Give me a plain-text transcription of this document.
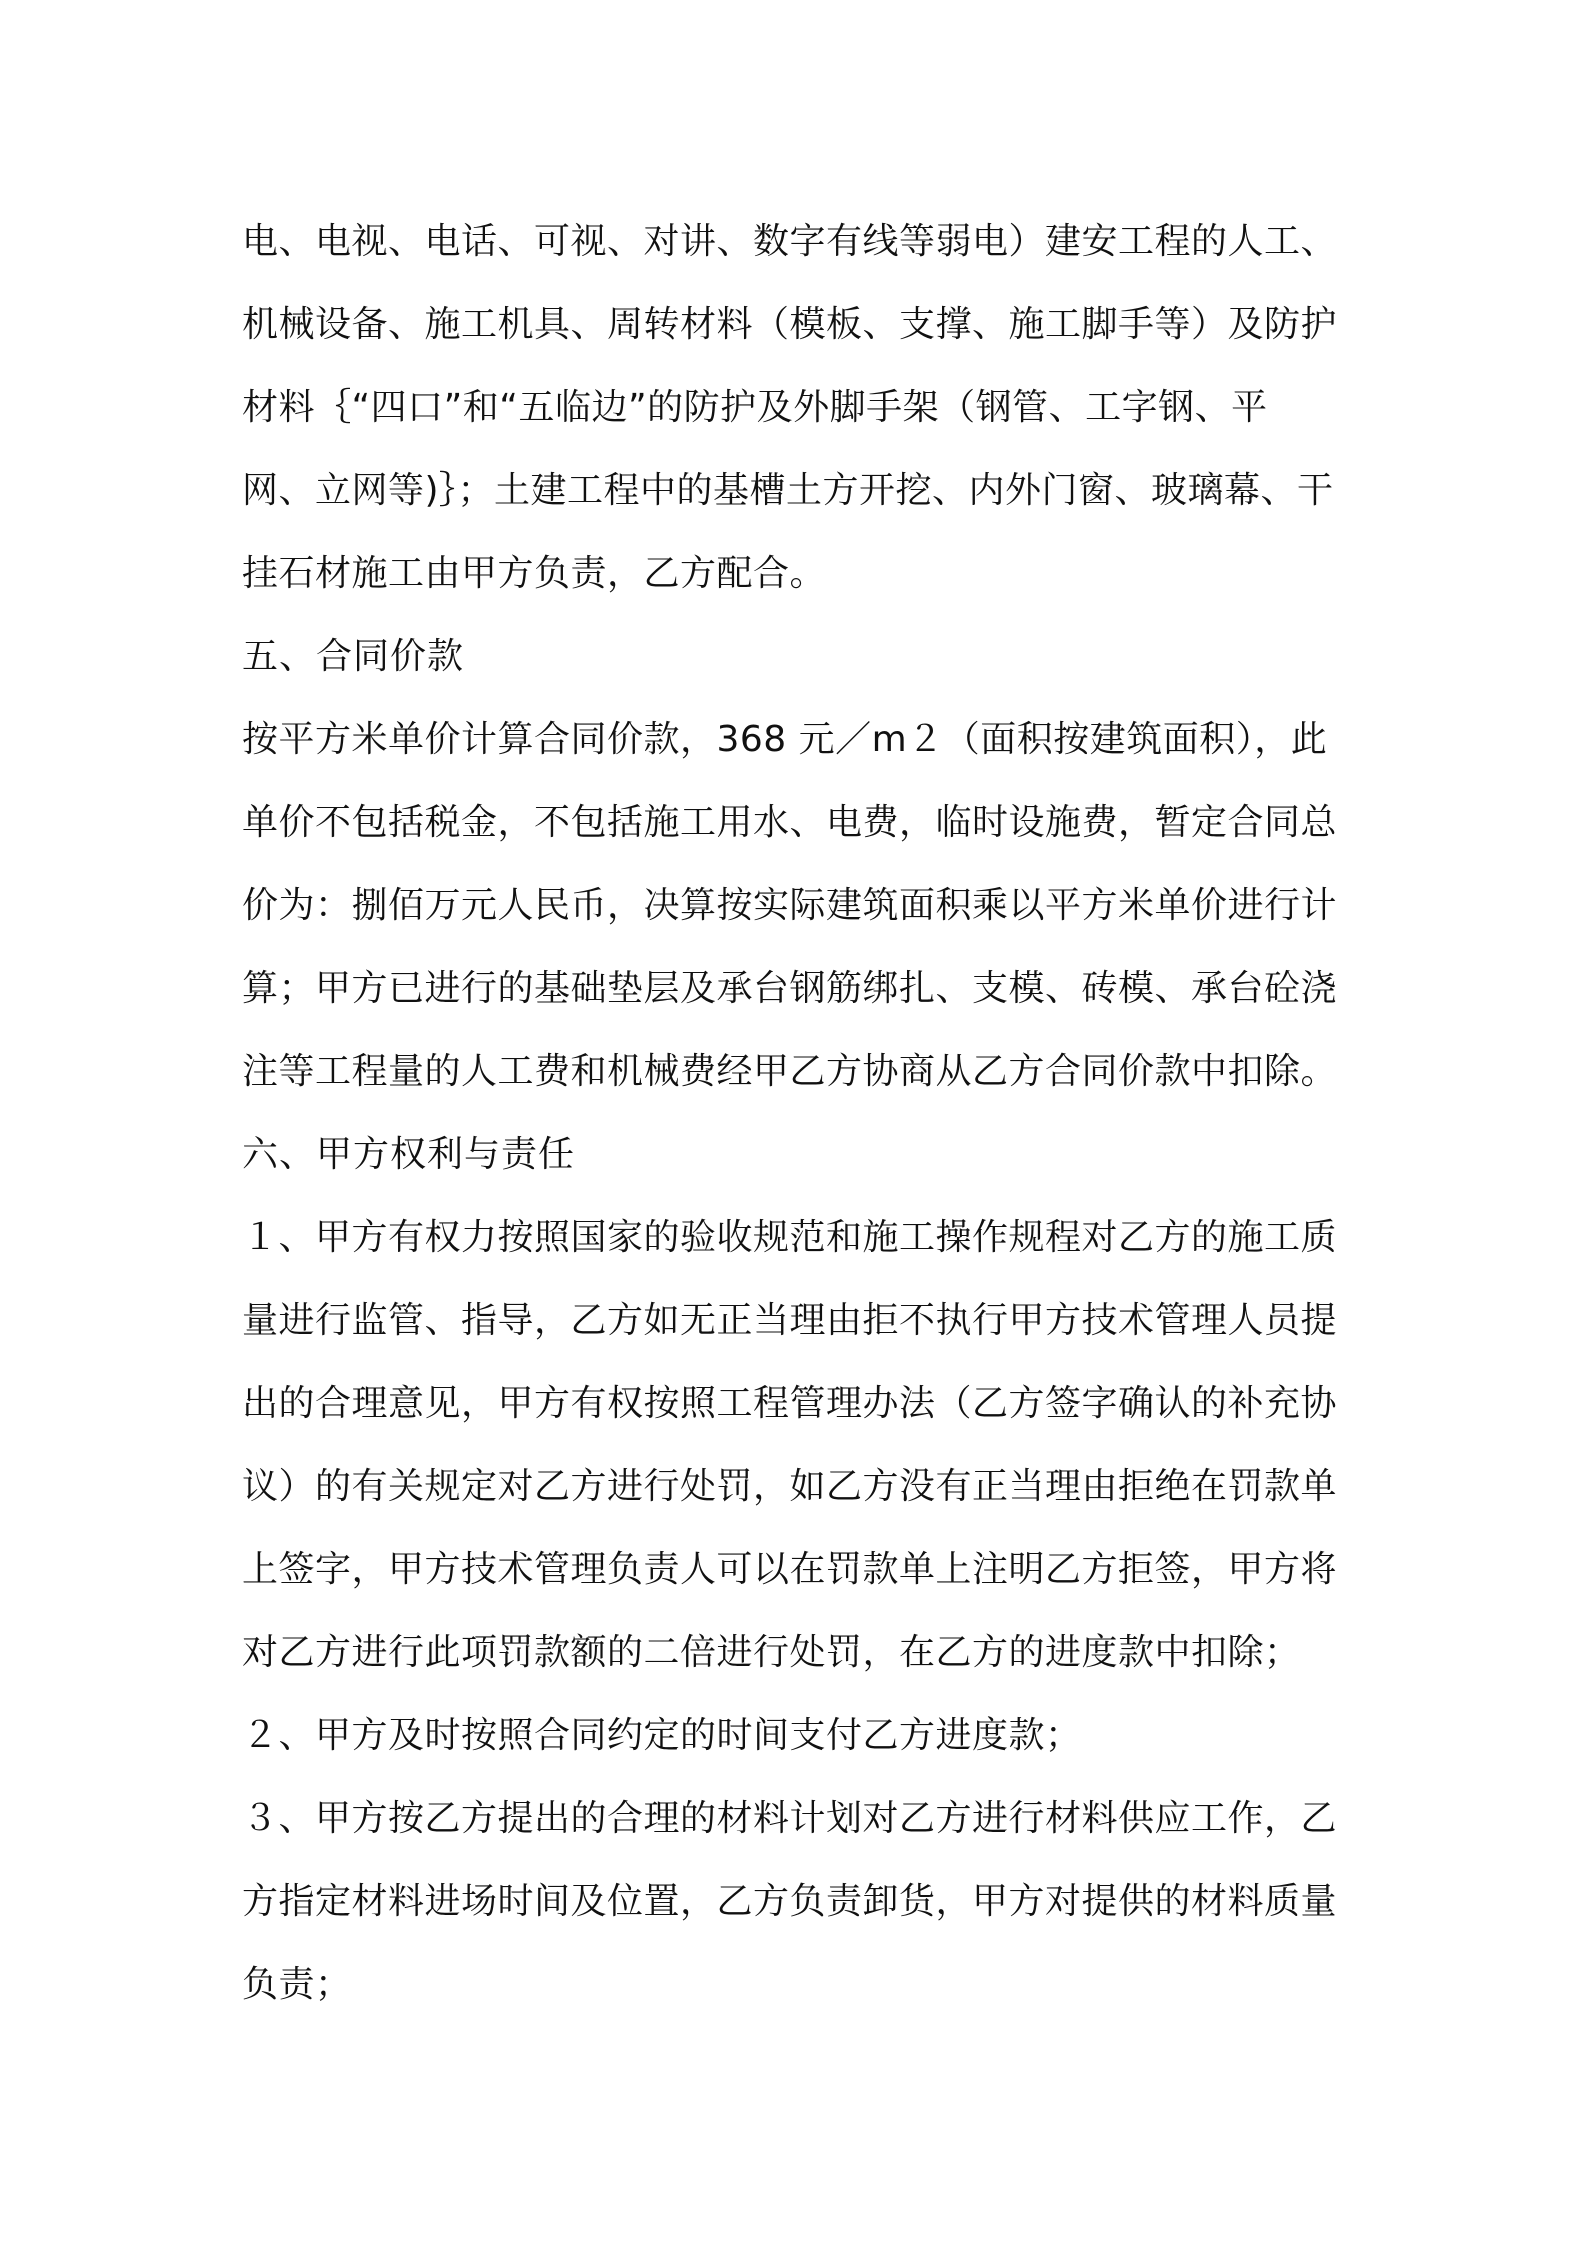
电、电视、电话、可视、对讲、数字有线等弱电）建安工程的人工、
机械设备、施工机具、周转材料（模板、支撑、施工脚手等）及防护
材料｛“四口”和“五临边”的防护及外脚手架（钢管、工字钢、平
网、立网等)｝；土建工程中的基槽土方开挖、内外门窗、玻璃幕、干
挂石材施工由甲方负责，乙方配合。
五、合同价款
按平方米单价计算合同价款，368 元／m２（面积按建筑面积），此
单价不包括税金，不包括施工用水、电费，临时设施费，暂定合同总
价为：捌佰万元人民币，决算按实际建筑面积乘以平方米单价进行计
算；甲方已进行的基础垫层及承台钢筋绑扎、支模、砖模、承台砼浇
注等工程量的人工费和机械费经甲乙方协商从乙方合同价款中扣除。
六、甲方权利与责任
１、甲方有权力按照国家的验收规范和施工操作规程对乙方的施工质
量进行监管、指导，乙方如无正当理由拒不执行甲方技术管理人员提
出的合理意见，甲方有权按照工程管理办法（乙方签字确认的补充协
议）的有关规定对乙方进行处罚，如乙方没有正当理由拒绝在罚款单
上签字，甲方技术管理负责人可以在罚款单上注明乙方拒签，甲方将
对乙方进行此项罚款额的二倍进行处罚，在乙方的进度款中扣除；
２、甲方及时按照合同约定的时间支付乙方进度款；
３、甲方按乙方提出的合理的材料计划对乙方进行材料供应工作，乙
方指定材料进场时间及位置，乙方负责卸货，甲方对提供的材料质量
负责；
